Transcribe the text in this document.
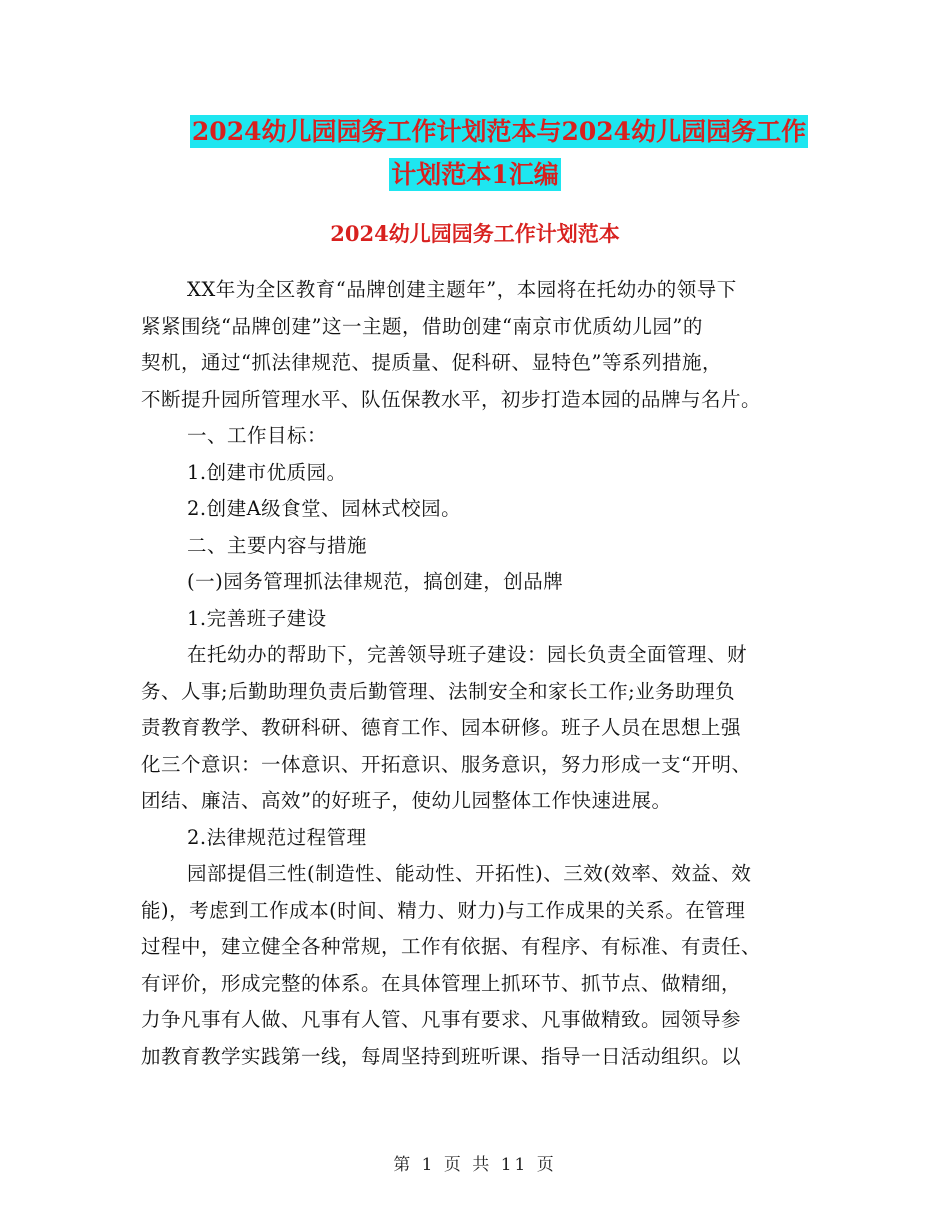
2024幼儿园园务工作计划范本与2024幼儿园园务工作
计划范本1汇编
2024幼儿园园务工作计划范本

XX年为全区教育“品牌创建主题年”，本园将在托幼办的领导下

紧紧围绕“品牌创建”这一主题，借助创建“南京市优质幼儿园”的

契机，通过“抓法律规范、提质量、促科研、显特色”等系列措施，

不断提升园所管理水平、队伍保教水平，初步打造本园的品牌与名片。

一、工作目标：

1.创建市优质园。

2.创建A级食堂、园林式校园。

二、主要内容与措施

(一)园务管理抓法律规范，搞创建，创品牌

1.完善班子建设

在托幼办的帮助下，完善领导班子建设：园长负责全面管理、财

务、人事;后勤助理负责后勤管理、法制安全和家长工作;业务助理负

责教育教学、教研科研、德育工作、园本研修。班子人员在思想上强

化三个意识：一体意识、开拓意识、服务意识，努力形成一支“开明、

团结、廉洁、高效”的好班子，使幼儿园整体工作快速进展。

2.法律规范过程管理

园部提倡三性(制造性、能动性、开拓性)、三效(效率、效益、效

能)，考虑到工作成本(时间、精力、财力)与工作成果的关系。在管理

过程中，建立健全各种常规，工作有依据、有程序、有标准、有责任、

有评价，形成完整的体系。在具体管理上抓环节、抓节点、做精细，

力争凡事有人做、凡事有人管、凡事有要求、凡事做精致。园领导参

加教育教学实践第一线，每周坚持到班听课、指导一日活动组织。以

第 1 页 共 11 页
